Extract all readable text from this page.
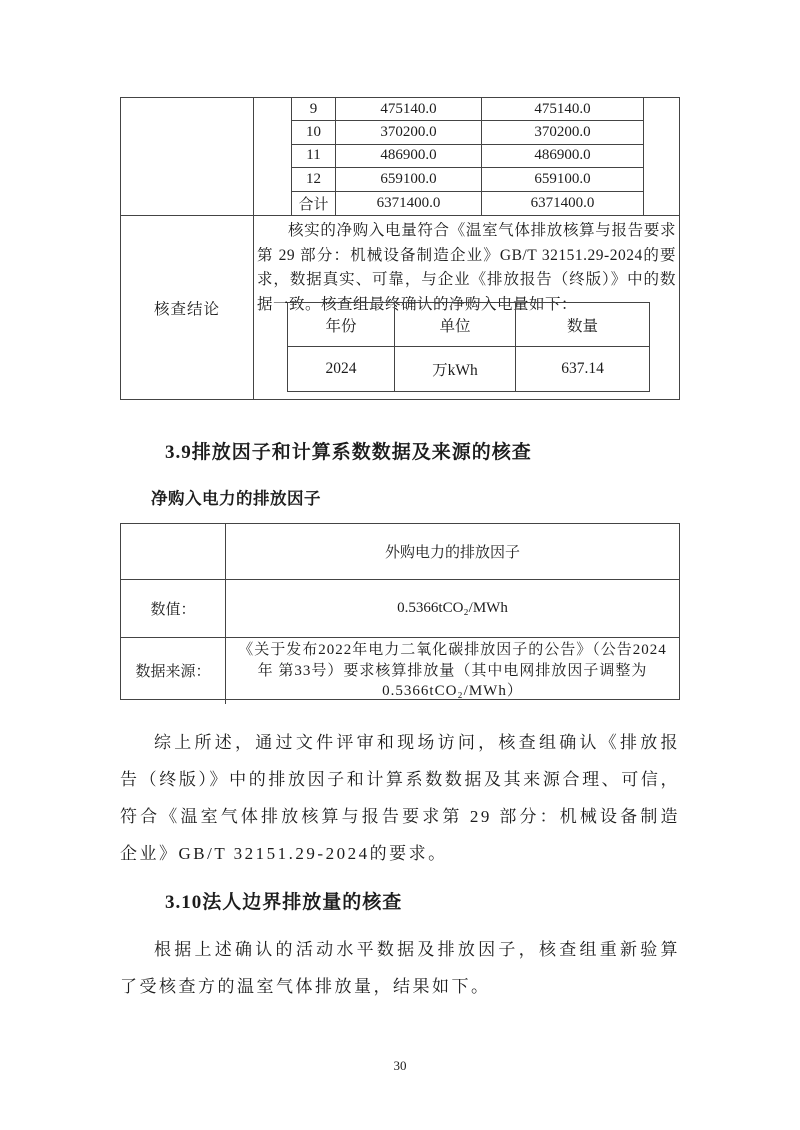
9	475140.0	475140.0
10	370200.0	370200.0
11	486900.0	486900.0
12	659100.0	659100.0
合计	6371400.0	6371400.0
核查结论
核实的净购入电量符合《温室气体排放核算与报告要求第 29 部分：机械设备制造企业》GB/T 32151.29-2024的要求，数据真实、可靠，与企业《排放报告（终版）》中的数据一致。核查组最终确认的净购入电量如下：
年份	单位	数量
2024	万kWh	637.14
3.9排放因子和计算系数数据及来源的核查
净购入电力的排放因子
外购电力的排放因子
数值：	0.5366tCO₂/MWh
数据来源：
《关于发布2022年电力二氧化碳排放因子的公告》（公告2024年 第33号）要求核算排放量（其中电网排放因子调整为0.5366tCO₂/MWh）

综上所述，通过文件评审和现场访问，核查组确认《排放报告（终版）》中的排放因子和计算系数数据及其来源合理、可信，符合《温室气体排放核算与报告要求第 29 部分：机械设备制造企业》GB/T 32151.29-2024的要求。

3.10法人边界排放量的核查

根据上述确认的活动水平数据及排放因子，核查组重新验算了受核查方的温室气体排放量，结果如下。

30
